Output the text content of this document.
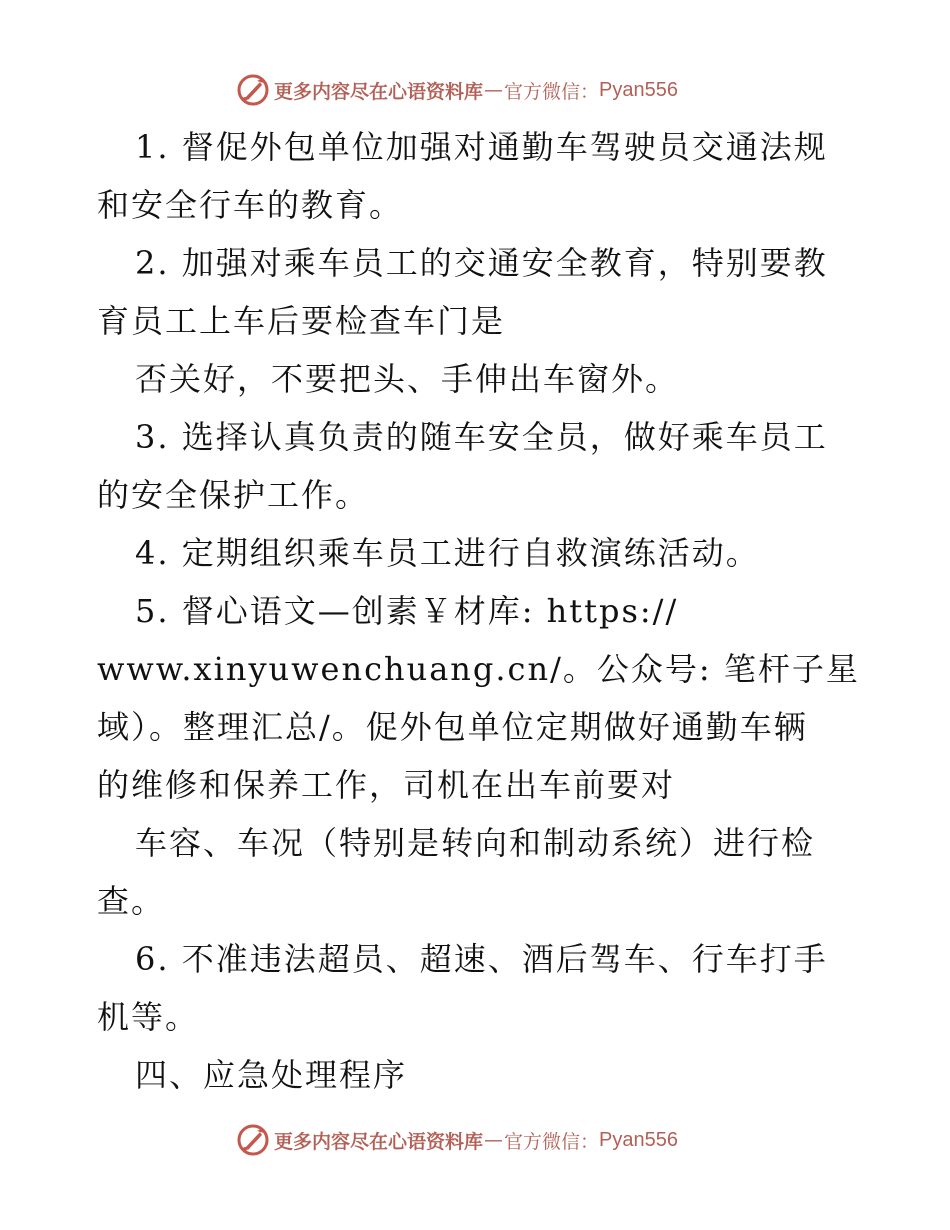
更多内容尽在心语资料库 — 官方微信： Pyan556
1. 督促外包单位加强对通勤车驾驶员交通法规
和安全行车的教育。
2. 加强对乘车员工的交通安全教育，特别要教
育员工上车后要检查车门是
否关好，不要把头、手伸出车窗外。
3. 选择认真负责的随车安全员，做好乘车员工
的安全保护工作。
4. 定期组织乘车员工进行自救演练活动。
5. 督心语文—创素￥材库: https://
www.xinyuwenchuang.cn/。公众号: 笔杆子星
域）。整理汇总/。促外包单位定期做好通勤车辆
的维修和保养工作，司机在出车前要对
车容、车况（特别是转向和制动系统）进行检
查。
6. 不准违法超员、超速、酒后驾车、行车打手
机等。
四、应急处理程序
更多内容尽在心语资料库 — 官方微信： Pyan556
